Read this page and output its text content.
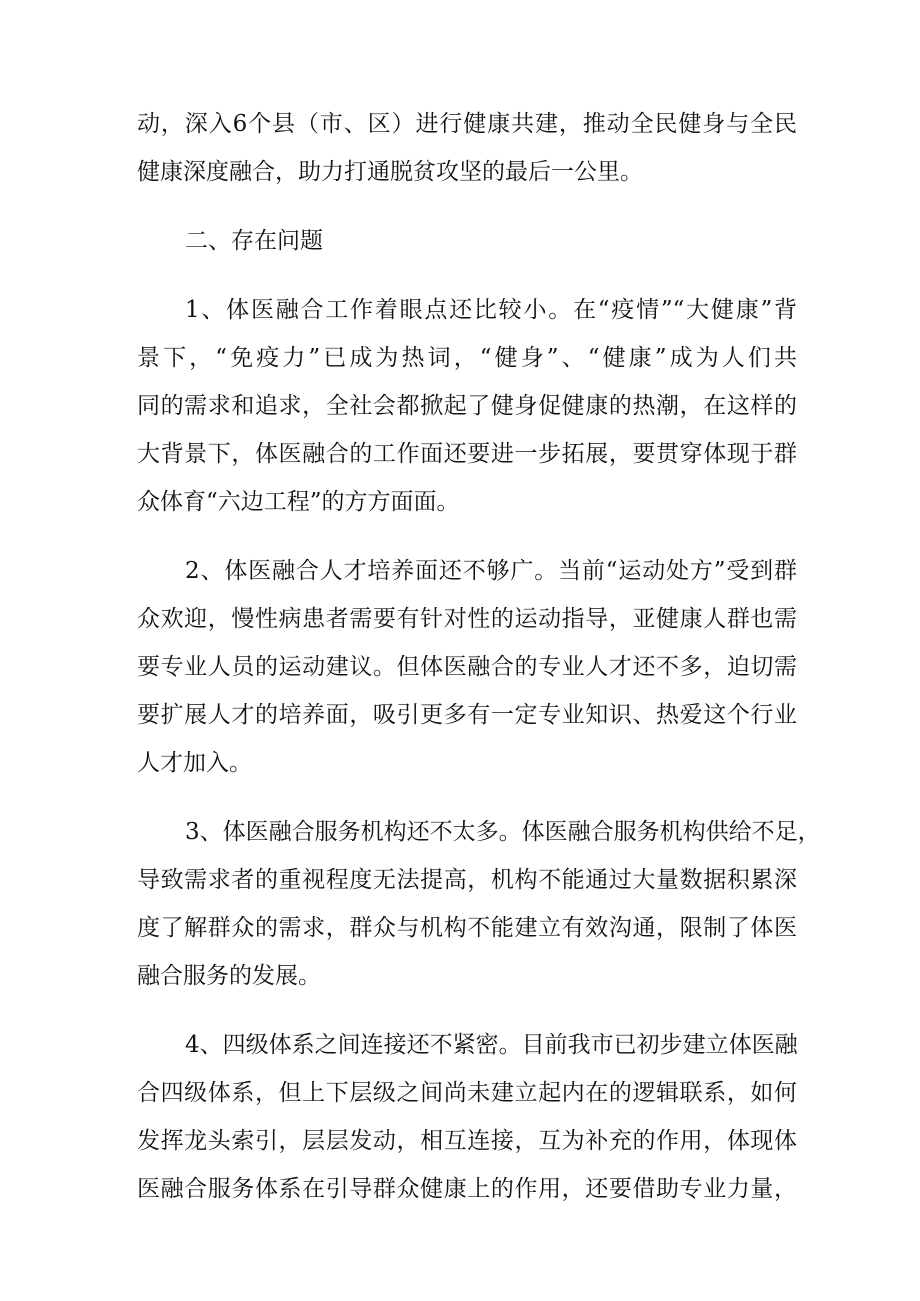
动，深入6个县（市、区）进行健康共建，推动全民健身与全民
健康深度融合，助力打通脱贫攻坚的最后一公里。
二、存在问题
1、体医融合工作着眼点还比较小。在“疫情”“大健康”背
景下，“免疫力”已成为热词，“健身”、“健康”成为人们共
同的需求和追求，全社会都掀起了健身促健康的热潮，在这样的
大背景下，体医融合的工作面还要进一步拓展，要贯穿体现于群
众体育“六边工程”的方方面面。
2、体医融合人才培养面还不够广。当前“运动处方”受到群
众欢迎，慢性病患者需要有针对性的运动指导，亚健康人群也需
要专业人员的运动建议。但体医融合的专业人才还不多，迫切需
要扩展人才的培养面，吸引更多有一定专业知识、热爱这个行业
人才加入。
3、体医融合服务机构还不太多。体医融合服务机构供给不足，
导致需求者的重视程度无法提高，机构不能通过大量数据积累深
度了解群众的需求，群众与机构不能建立有效沟通，限制了体医
融合服务的发展。
4、四级体系之间连接还不紧密。目前我市已初步建立体医融
合四级体系，但上下层级之间尚未建立起内在的逻辑联系，如何
发挥龙头索引，层层发动，相互连接，互为补充的作用，体现体
医融合服务体系在引导群众健康上的作用，还要借助专业力量，
